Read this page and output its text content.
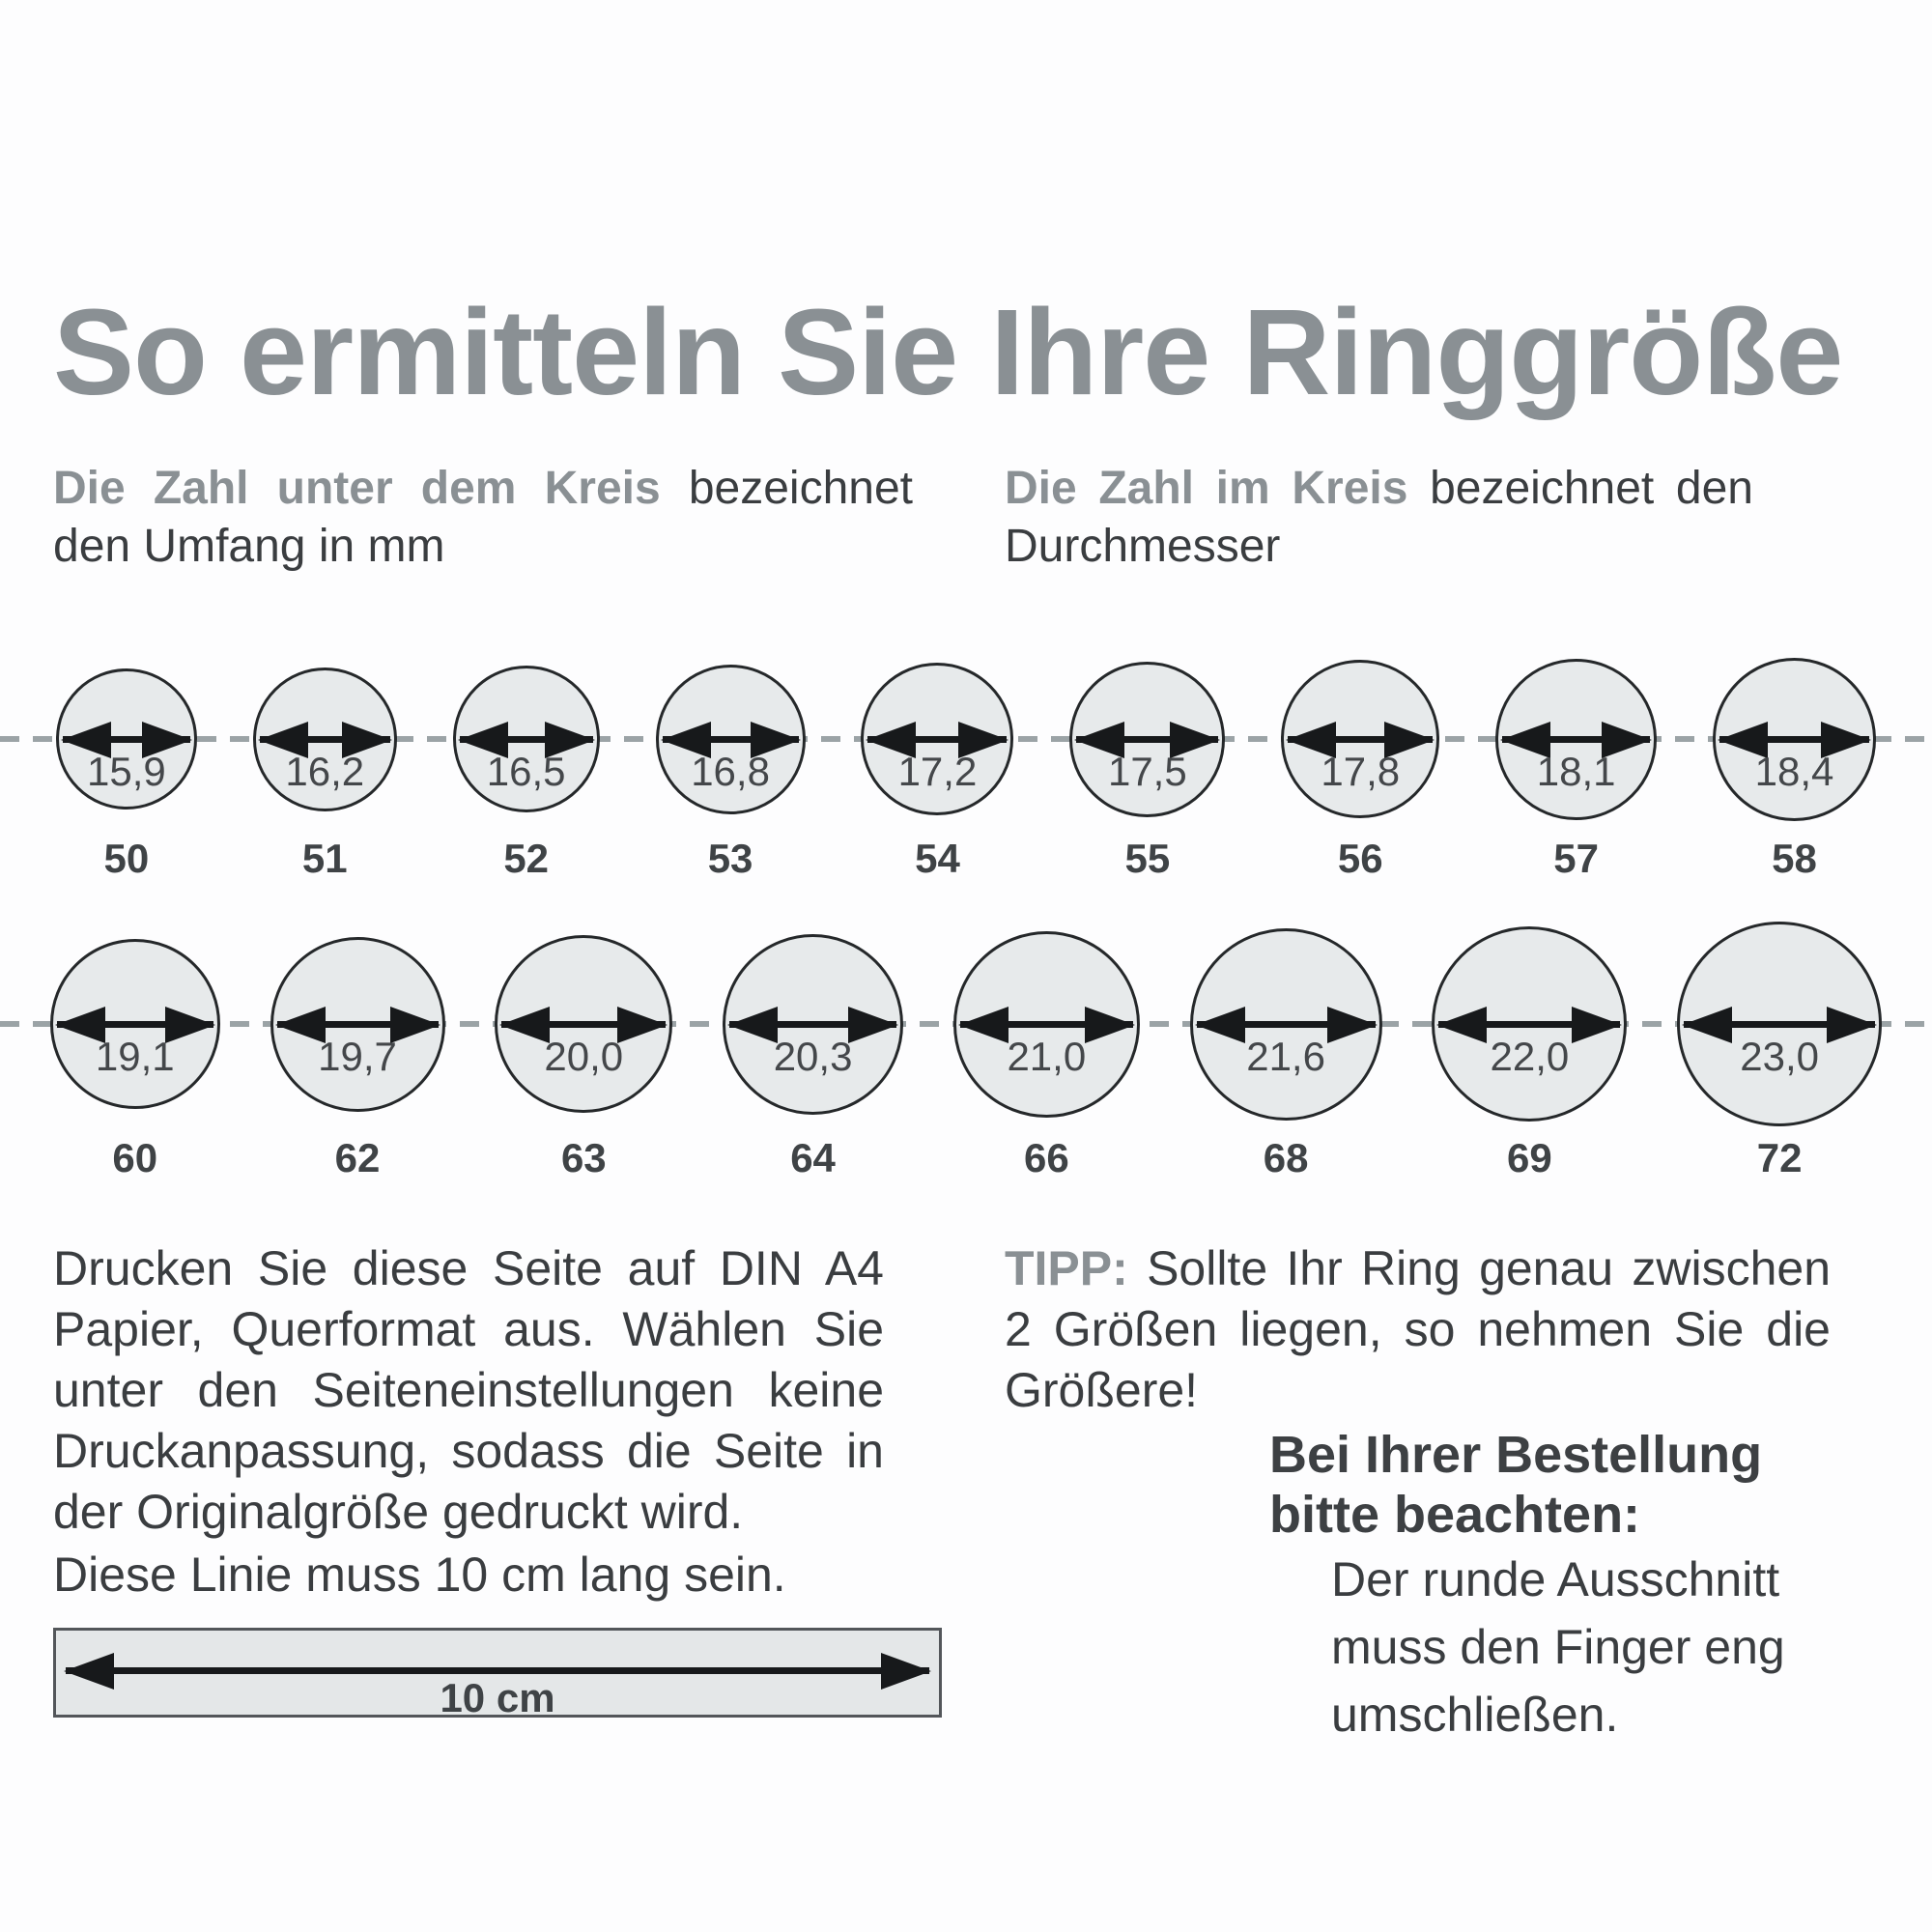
So ermitteln Sie Ihre Ringgröße
Die Zahl unter dem Kreis bezeichnet den Umfang in mm
Die Zahl im Kreis bezeichnet den Durchmesser
15,9
50
16,2
51
16,5
52
16,8
53
17,2
54
17,5
55
17,8
56
18,1
57
18,4
58
19,1
60
19,7
62
20,0
63
20,3
64
21,0
66
21,6
68
22,0
69
23,0
72
Drucken Sie diese Seite auf DIN A4 Papier, Querformat aus. Wählen Sie unter den Seiteneinstellungen keine Druckanpassung, sodass die Seite in der Originalgröße gedruckt wird.
Diese Linie muss 10 cm lang sein.
10 cm
TIPP: Sollte Ihr Ring genau zwischen 2 Größen liegen, so nehmen Sie die Größere!
Bei Ihrer Bestellung
bitte beachten:
Der runde Ausschnitt
muss den Finger eng
umschließen.
